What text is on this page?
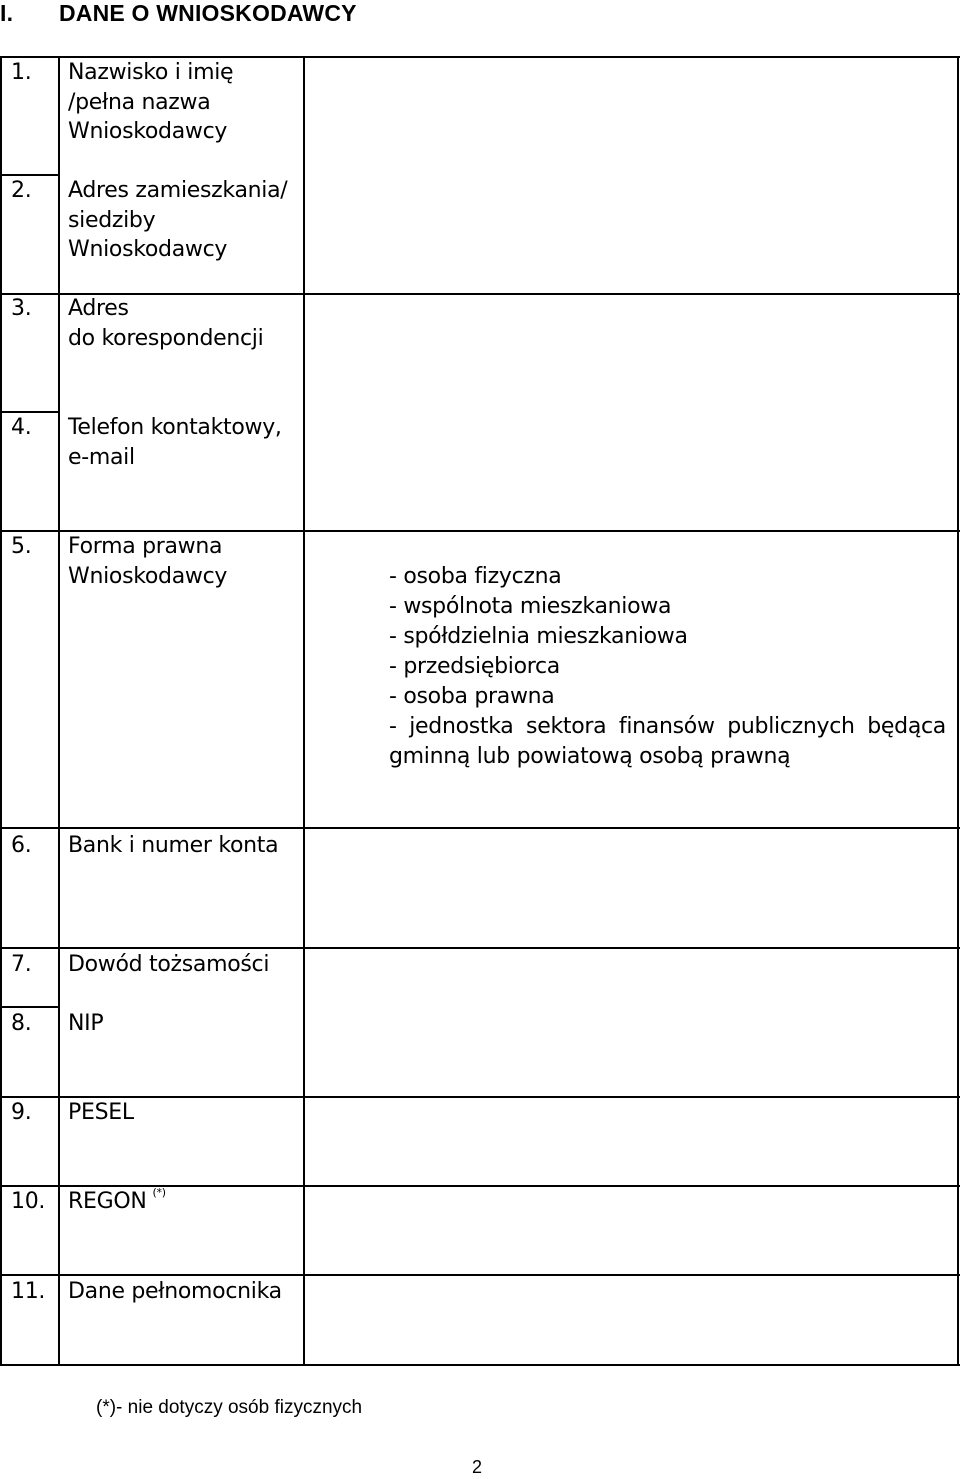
I.	DANE O WNIOSKODAWCY
1. Nazwisko i imię
/pełna nazwa
Wnioskodawcy
2. Adres zamieszkania/
siedziby
Wnioskodawcy
3. Adres
do korespondencji
4. Telefon kontaktowy,
e-mail
5. Forma prawna
Wnioskodawcy	- osoba fizyczna
- wspólnota mieszkaniowa
- spółdzielnia mieszkaniowa
- przedsiębiorca
- osoba prawna
- jednostka sektora finansów publicznych będąca
gminną lub powiatową osobą prawną
6. Bank i numer konta
7. Dowód tożsamości
8. NIP
9. PESEL
10. REGON (*)
11. Dane pełnomocnika
(*)- nie dotyczy osób fizycznych
2
